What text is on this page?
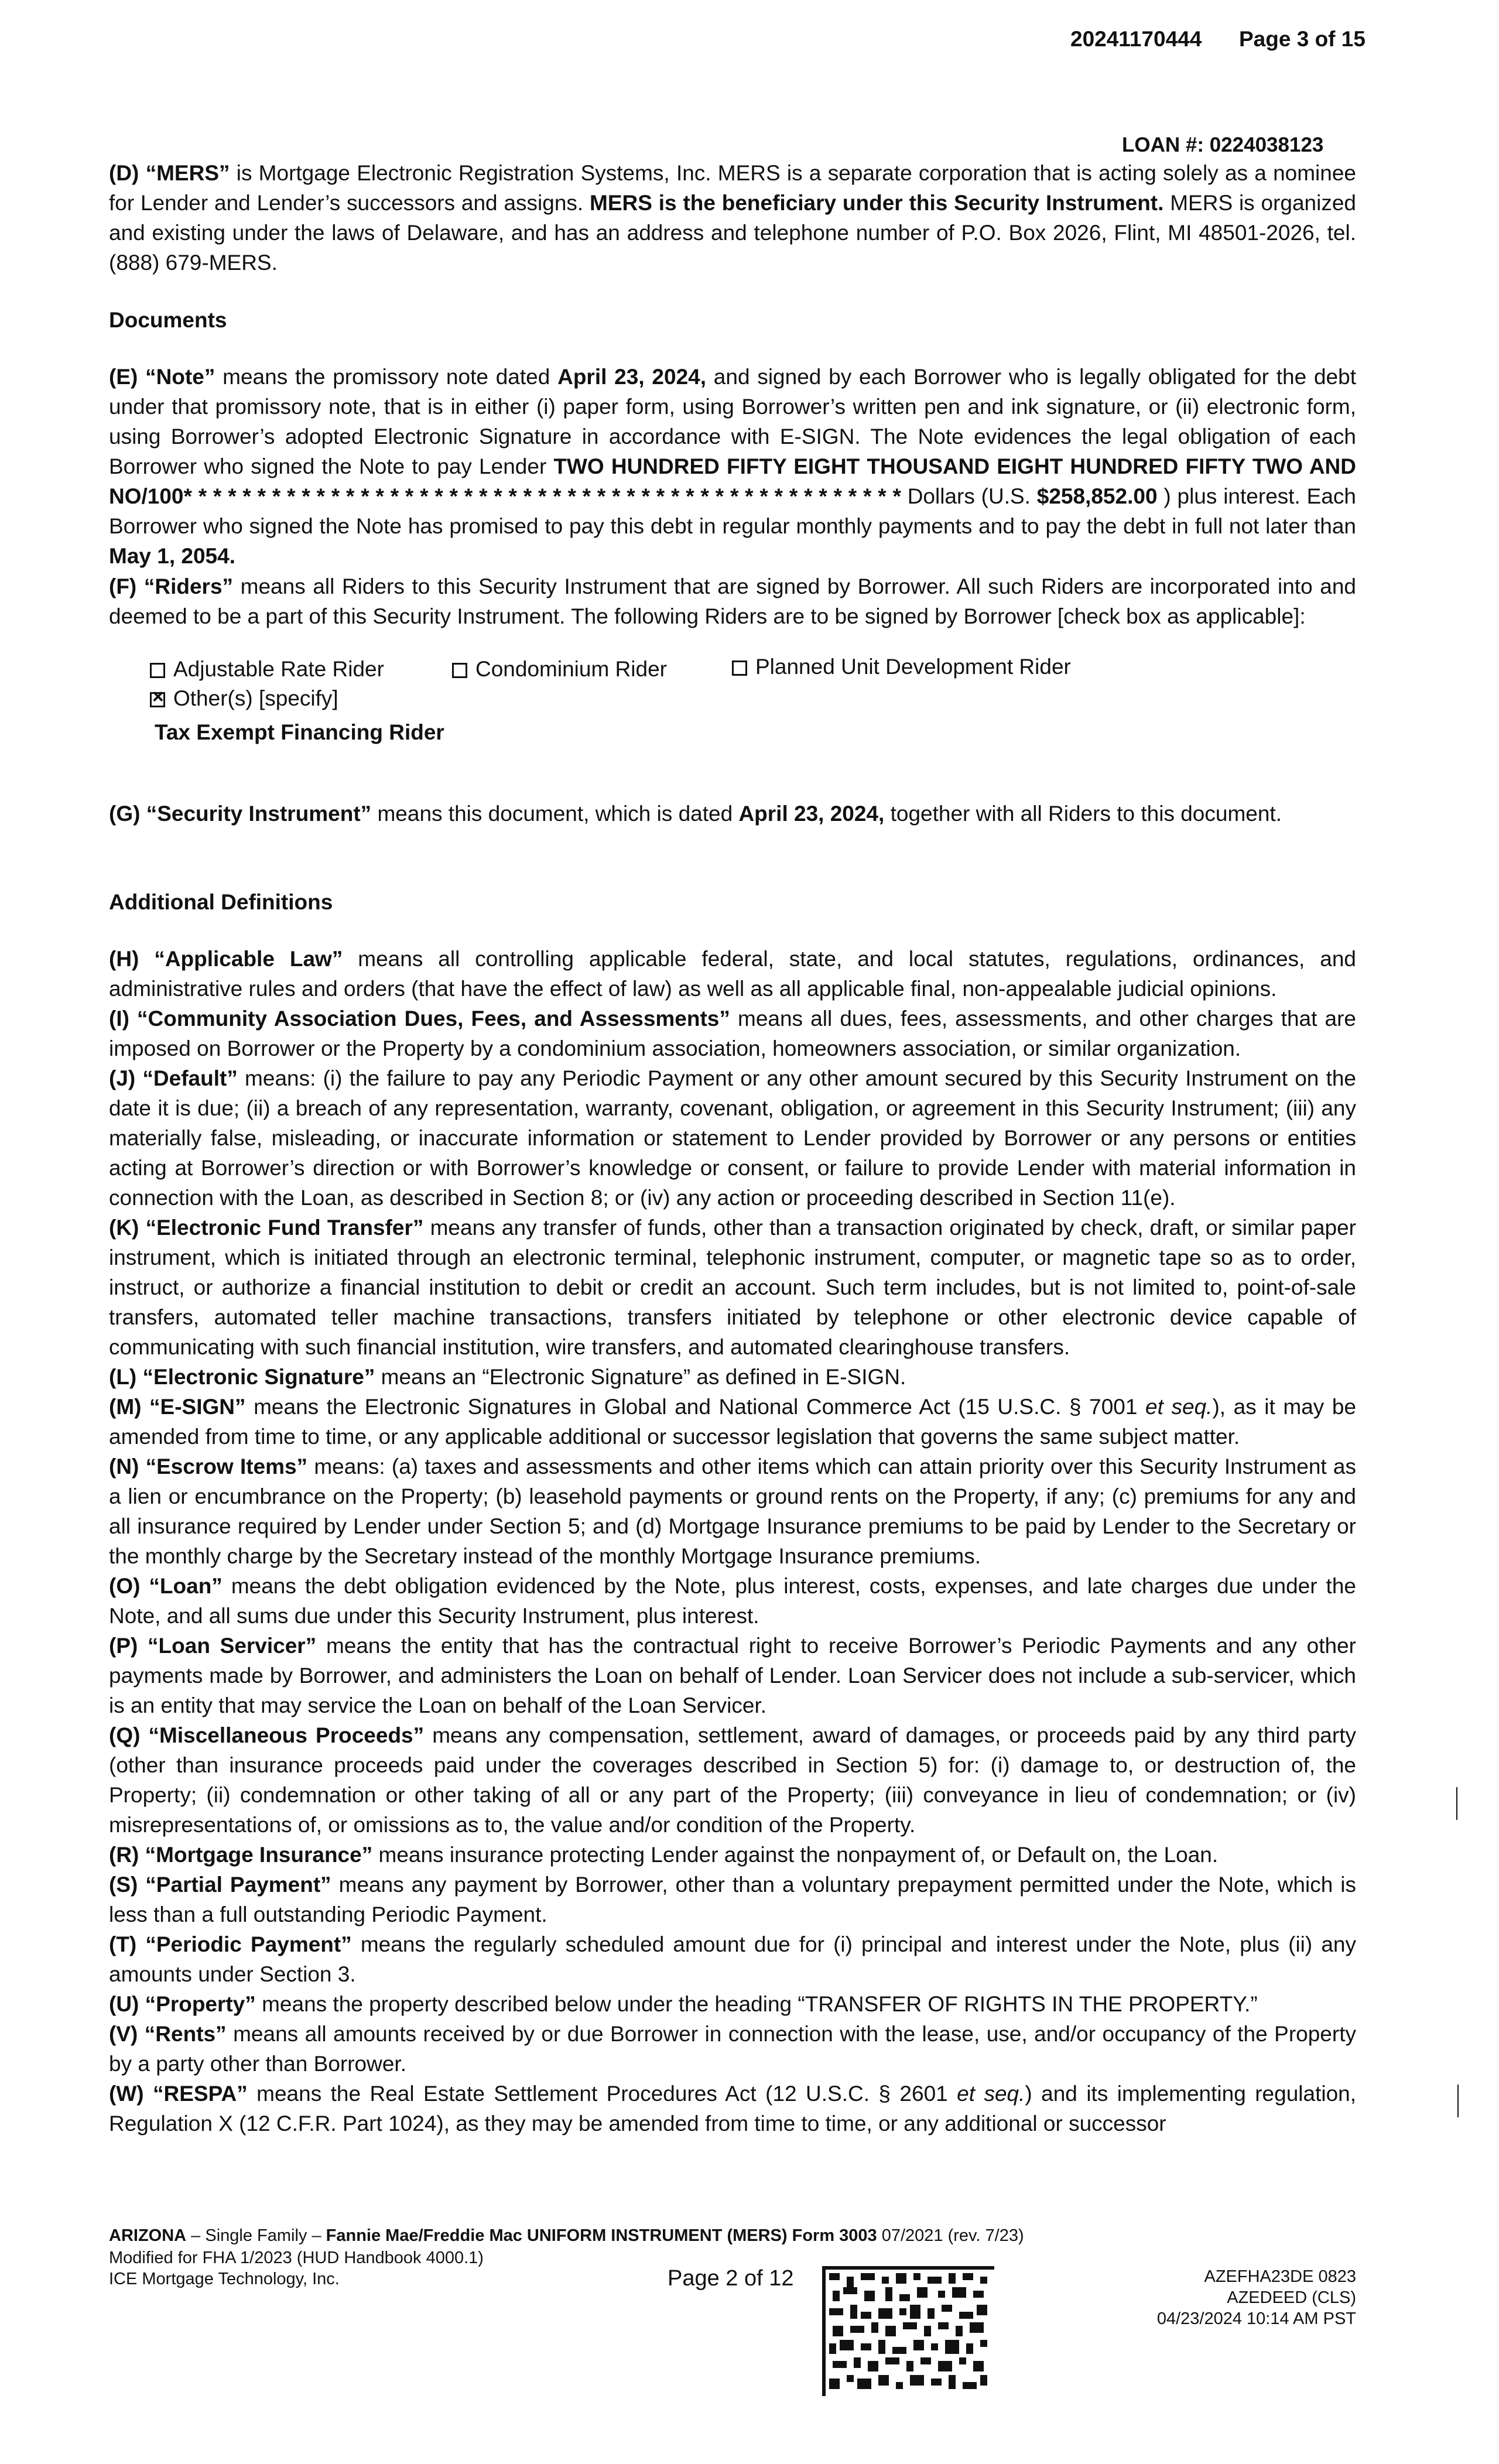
20241170444 Page 3 of 15
LOAN #: 0224038123
(D) “MERS” is Mortgage Electronic Registration Systems, Inc. MERS is a separate corporation that is acting solely as a nominee for Lender and Lender’s successors and assigns. MERS is the beneficiary under this Security Instrument. MERS is organized and existing under the laws of Delaware, and has an address and telephone number of P.O. Box 2026, Flint, MI 48501-2026, tel. (888) 679-MERS.
Documents
(E) “Note” means the promissory note dated April 23, 2024, and signed by each Borrower who is legally obligated for the debt under that promissory note, that is in either (i) paper form, using Borrower’s written pen and ink signature, or (ii) electronic form, using Borrower’s adopted Electronic Signature in accordance with E-SIGN. The Note evidences the legal obligation of each Borrower who signed the Note to pay Lender TWO HUNDRED FIFTY EIGHT THOUSAND EIGHT HUNDRED FIFTY TWO AND NO/100* * * * * * * * * * * * * * * * * * * * * * * * * * * * * * * * * * * * * * * * * * * * * * * * * Dollars (U.S. $258,852.00 ) plus interest. Each Borrower who signed the Note has promised to pay this debt in regular monthly payments and to pay the debt in full not later than May 1, 2054.
(F) “Riders” means all Riders to this Security Instrument that are signed by Borrower. All such Riders are incorporated into and deemed to be a part of this Security Instrument. The following Riders are to be signed by Borrower [check box as applicable]:
Adjustable Rate Rider	Condominium Rider	Planned Unit Development Rider
×Other(s) [specify]
Tax Exempt Financing Rider
(G) “Security Instrument” means this document, which is dated April 23, 2024, together with all Riders to this document.
Additional Definitions
(H) “Applicable Law” means all controlling applicable federal, state, and local statutes, regulations, ordinances, and administrative rules and orders (that have the effect of law) as well as all applicable final, non-appealable judicial opinions.
(I) “Community Association Dues, Fees, and Assessments” means all dues, fees, assessments, and other charges that are imposed on Borrower or the Property by a condominium association, homeowners association, or similar organization.
(J) “Default” means: (i) the failure to pay any Periodic Payment or any other amount secured by this Security Instrument on the date it is due; (ii) a breach of any representation, warranty, covenant, obligation, or agreement in this Security Instrument; (iii) any materially false, misleading, or inaccurate information or statement to Lender provided by Borrower or any persons or entities acting at Borrower’s direction or with Borrower’s knowledge or consent, or failure to provide Lender with material information in connection with the Loan, as described in Section 8; or (iv) any action or proceeding described in Section 11(e).
(K) “Electronic Fund Transfer” means any transfer of funds, other than a transaction originated by check, draft, or similar paper instrument, which is initiated through an electronic terminal, telephonic instrument, computer, or magnetic tape so as to order, instruct, or authorize a financial institution to debit or credit an account. Such term includes, but is not limited to, point-of-sale transfers, automated teller machine transactions, transfers initiated by telephone or other electronic device capable of communicating with such financial institution, wire transfers, and automated clearinghouse transfers.
(L) “Electronic Signature” means an “Electronic Signature” as defined in E-SIGN.
(M) “E-SIGN” means the Electronic Signatures in Global and National Commerce Act (15 U.S.C. § 7001 et seq.), as it may be amended from time to time, or any applicable additional or successor legislation that governs the same subject matter.
(N) “Escrow Items” means: (a) taxes and assessments and other items which can attain priority over this Security Instrument as a lien or encumbrance on the Property; (b) leasehold payments or ground rents on the Property, if any; (c) premiums for any and all insurance required by Lender under Section 5; and (d) Mortgage Insurance premiums to be paid by Lender to the Secretary or the monthly charge by the Secretary instead of the monthly Mortgage Insurance premiums.
(O) “Loan” means the debt obligation evidenced by the Note, plus interest, costs, expenses, and late charges due under the Note, and all sums due under this Security Instrument, plus interest.
(P) “Loan Servicer” means the entity that has the contractual right to receive Borrower’s Periodic Payments and any other payments made by Borrower, and administers the Loan on behalf of Lender. Loan Servicer does not include a sub-servicer, which is an entity that may service the Loan on behalf of the Loan Servicer.
(Q) “Miscellaneous Proceeds” means any compensation, settlement, award of damages, or proceeds paid by any third party (other than insurance proceeds paid under the coverages described in Section 5) for: (i) damage to, or destruction of, the Property; (ii) condemnation or other taking of all or any part of the Property; (iii) conveyance in lieu of condemnation; or (iv) misrepresentations of, or omissions as to, the value and/or condition of the Property.
(R) “Mortgage Insurance” means insurance protecting Lender against the nonpayment of, or Default on, the Loan.
(S) “Partial Payment” means any payment by Borrower, other than a voluntary prepayment permitted under the Note, which is less than a full outstanding Periodic Payment.
(T) “Periodic Payment” means the regularly scheduled amount due for (i) principal and interest under the Note, plus (ii) any amounts under Section 3.
(U) “Property” means the property described below under the heading “TRANSFER OF RIGHTS IN THE PROPERTY.”
(V) “Rents” means all amounts received by or due Borrower in connection with the lease, use, and/or occupancy of the Property by a party other than Borrower.
(W) “RESPA” means the Real Estate Settlement Procedures Act (12 U.S.C. § 2601 et seq.) and its implementing regulation, Regulation X (12 C.F.R. Part 1024), as they may be amended from time to time, or any additional or successor
ARIZONA – Single Family – Fannie Mae/Freddie Mac UNIFORM INSTRUMENT (MERS) Form 3003 07/2021 (rev. 7/23)
Modified for FHA 1/2023 (HUD Handbook 4000.1)
ICE Mortgage Technology, Inc.	Page 2 of 12	AZEFHA23DE 0823
AZEDEED (CLS)
04/23/2024 10:14 AM PST
